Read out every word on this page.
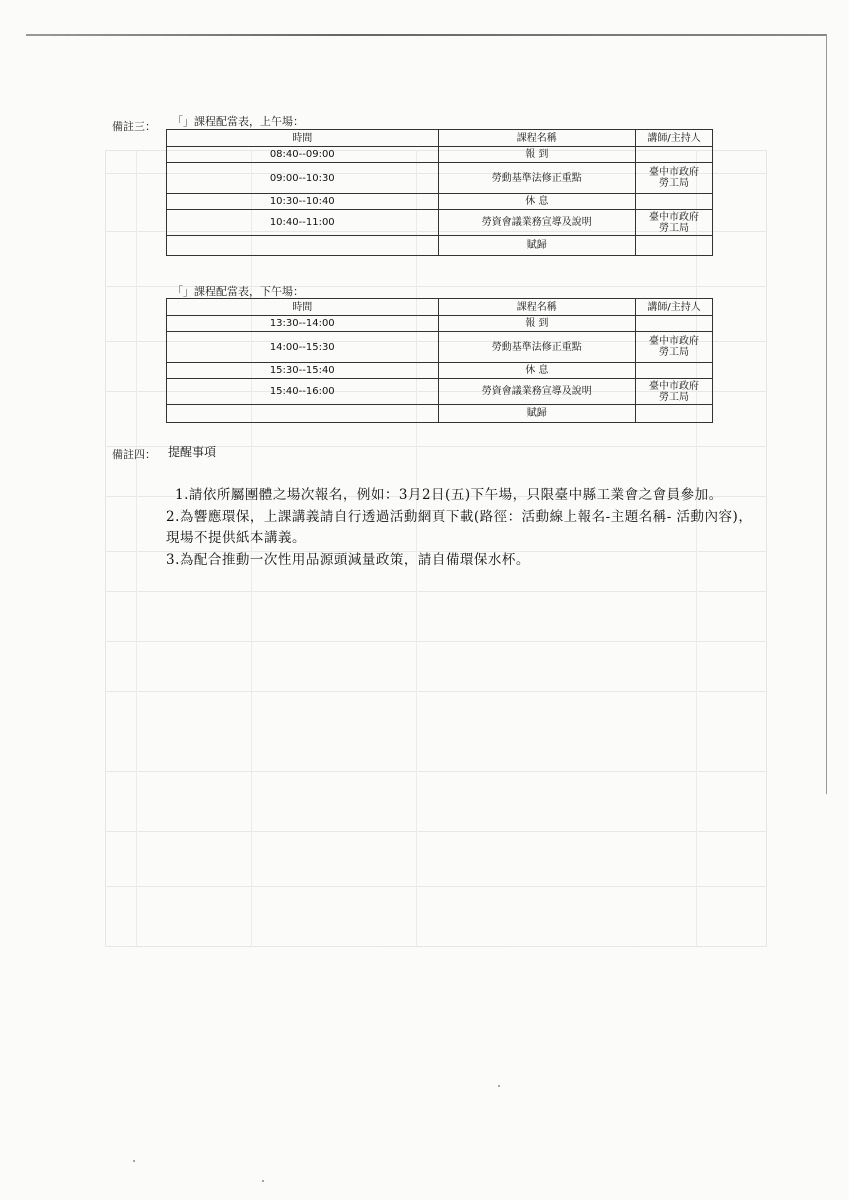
備註三： 「」課程配當表，上午場：
時間	課程名稱	講師/主持人
08:40--09:00	報 到	
09:00--10:30	勞動基準法修正重點	臺中市政府
勞工局
10:30--10:40	休 息	
10:40--11:00	勞資會議業務宣導及說明	臺中市政府
勞工局
	賦歸	
「」課程配當表，下午場：
時間	課程名稱	講師/主持人
13:30--14:00	報 到	
14:00--15:30	勞動基準法修正重點	臺中市政府
勞工局
15:30--15:40	休 息	
15:40--16:00	勞資會議業務宣導及說明	臺中市政府
勞工局
	賦歸	
備註四： 提醒事項

1.請依所屬團體之場次報名，例如：3月2日(五)下午場，只限臺中縣工業會之會員參加。

2.為響應環保，上課講義請自行透過活動網頁下載(路徑：活動線上報名-主題名稱- 活動內容)，現場不提供紙本講義。

3.為配合推動一次性用品源頭減量政策，請自備環保水杯。
